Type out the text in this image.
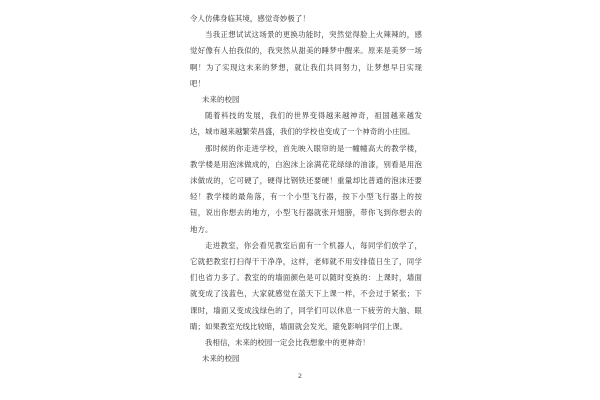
令人仿佛身临其境，感觉奇妙极了！

当我正想试试这场景的更换功能时，突然觉得脸上火辣辣的，感觉好像有人拍我似的，我突然从甜美的睡梦中醒来。原来是美梦一场啊！为了实现这未来的梦想，就让我们共同努力，让梦想早日实现吧！

未来的校园

随着科技的发展，我们的世界变得越来越神奇，祖国越来越发达，城市越来越繁荣昌盛，我们的学校也变成了一个神奇的小庄园。

那时候的你走进学校，首先映入眼帘的是一幢幢高大的教学楼，教学楼是用泡沫做成的，白泡沫上涂满花花绿绿的油漆，别看是用泡沫做成的，它可硬了，硬得比钢铁还要硬！重量却比普通的泡沫还要轻！教学楼的最角落，有一个小型飞行器，按下小型飞行器上的按钮，说出你想去的地方，小型飞行器就张开翅膀，带你飞到你想去的地方。

走进教室，你会看见教室后面有一个机器人，每同学们放学了，它就把教室打扫得干干净净，这样，老师就不用安排值日生了，同学们也省力多了。教室的的墙面颜色是可以随时变换的：上课时，墙面就变成了浅蓝色，大家就感觉在蓝天下上课一样，不会过于紧张；下课时，墙面又变成浅绿色的了，同学们可以休息一下疲劳的大脑、眼睛；如果教室光线比较暗，墙面就会发光，避免影响同学们上课。

我相信，未来的校园一定会比我想象中的更神奇！

未来的校园

2
